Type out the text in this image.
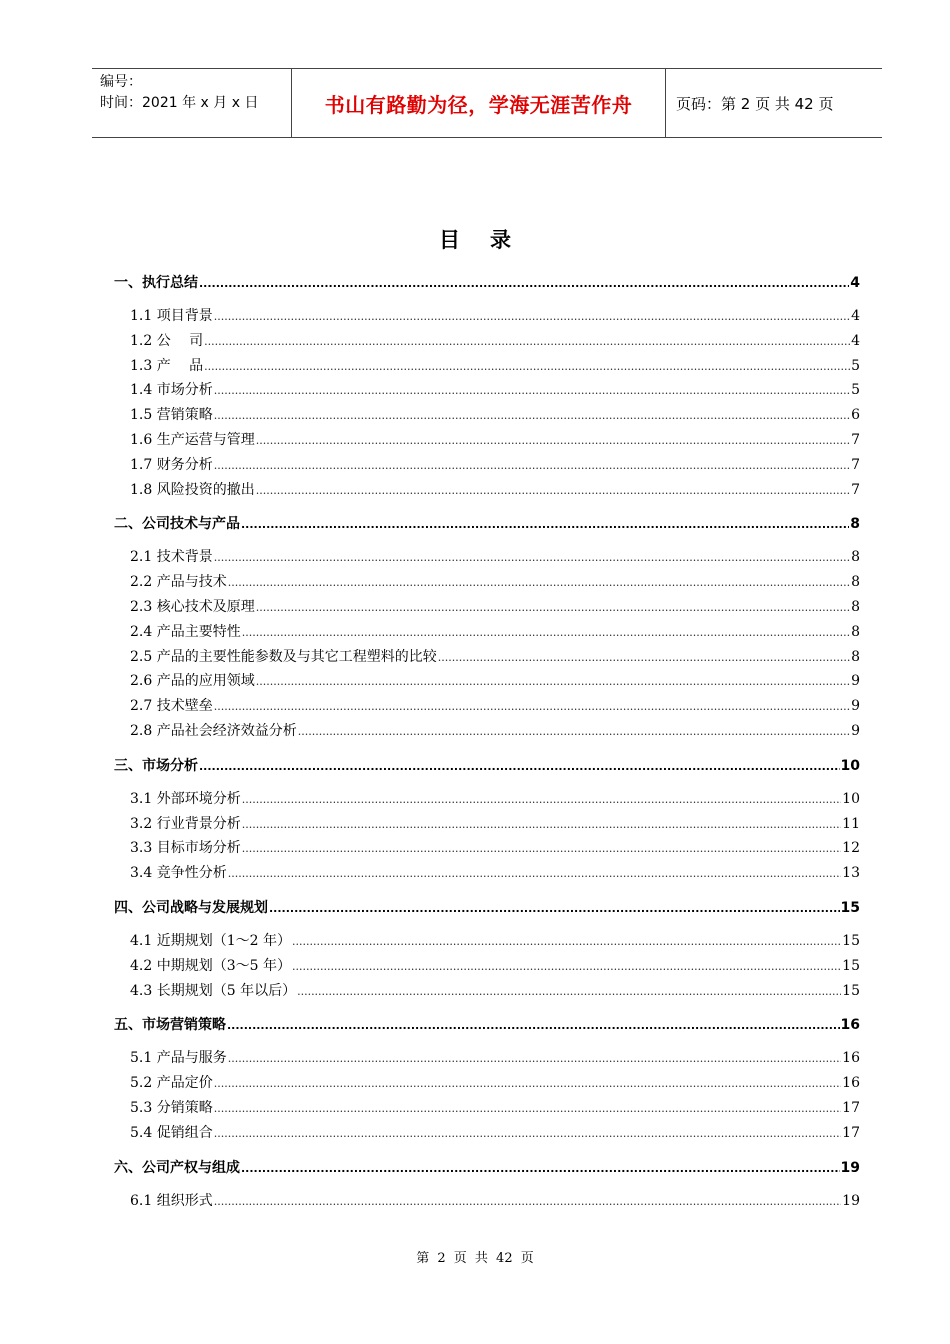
编号：
时间：2021 年 x 月 x 日	书山有路勤为径，学海无涯苦作舟	页码：第 2 页 共 42 页
目录
一、执行总结 .....	4
1.1 项目背景 .....	4
1.2 公　 司 .....	4
1.3 产　 品 .....	5
1.4 市场分析 .....	5
1.5 营销策略 .....	6
1.6 生产运营与管理 .....	7
1.7 财务分析 .....	7
1.8 风险投资的撤出 .....	7
二、公司技术与产品 .....	8
2.1 技术背景 .....	8
2.2 产品与技术 .....	8
2.3 核心技术及原理 .....	8
2.4 产品主要特性 .....	8
2.5 产品的主要性能参数及与其它工程塑料的比较 .....	8
2.6 产品的应用领域 .....	9
2.7 技术壁垒 .....	9
2.8 产品社会经济效益分析 .....	9
三、市场分析 .....	10
3.1 外部环境分析 .....	10
3.2 行业背景分析 .....	11
3.3 目标市场分析 .....	12
3.4 竞争性分析 .....	13
四、公司战略与发展规划 .....	15
4.1 近期规划（1～2 年） .....	15
4.2 中期规划（3～5 年） .....	15
4.3 长期规划（5 年以后） .....	15
五、市场营销策略 .....	16
5.1 产品与服务 .....	16
5.2 产品定价 .....	16
5.3 分销策略 .....	17
5.4 促销组合 .....	17
六、公司产权与组成 .....	19
6.1 组织形式 .....	19
第 2 页 共 42 页
